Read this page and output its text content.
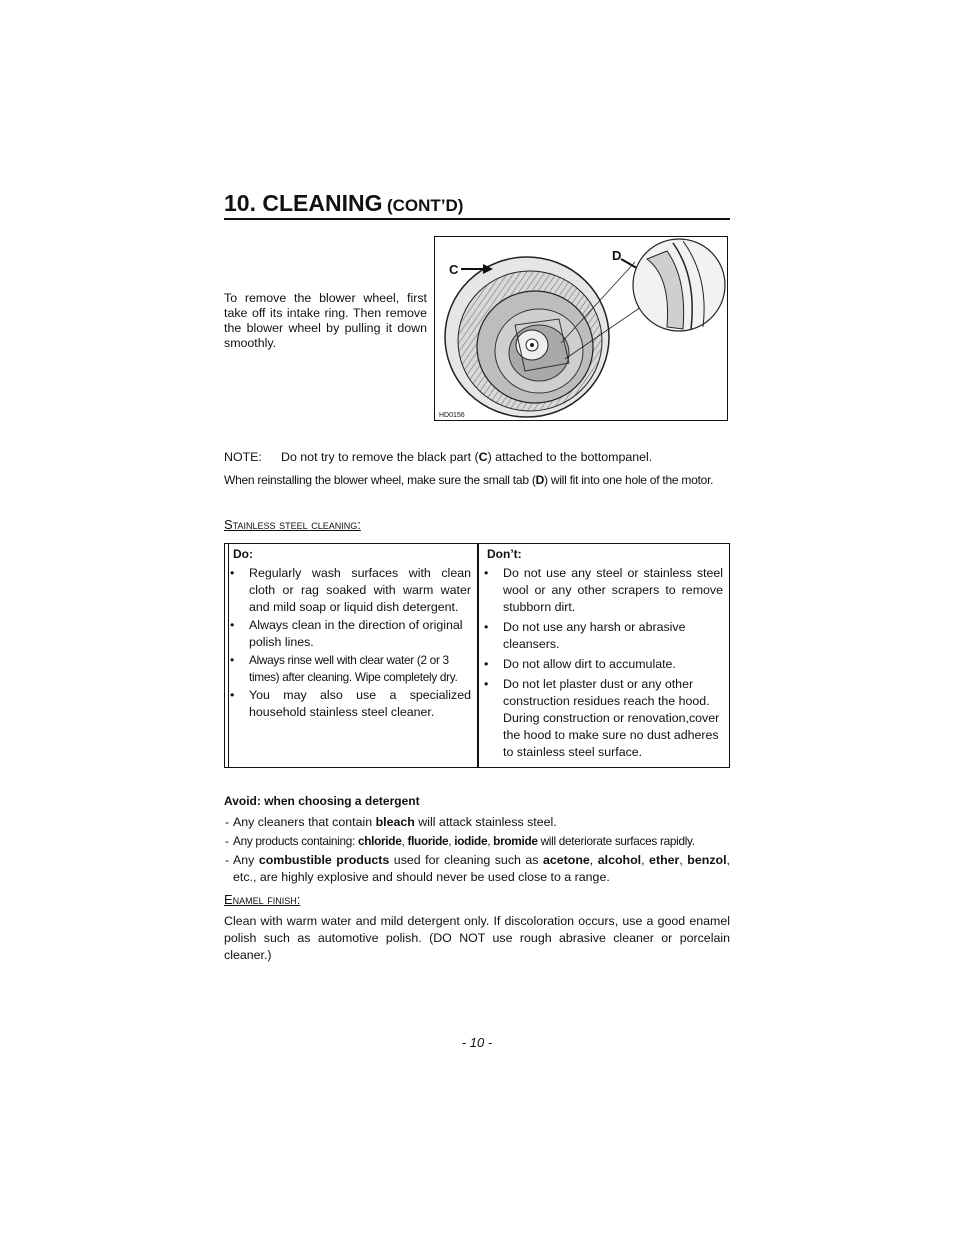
10. CLEANING (CONT’D)
To remove the blower wheel, first take off its intake ring. Then remove the blower wheel by pulling it down smoothly.
C
D
HD0156
NOTE: Do not try to remove the black part (C) attached to the bottompanel.
When reinstalling the blower wheel, make sure the small tab (D) will fit into one hole of the motor.
Stainless steel cleaning:
Do:
• Regularly wash surfaces with clean cloth or rag soaked with warm water and mild soap or liquid dish detergent.
• Always clean in the direction of original polish lines.
• Always rinse well with clear water (2 or 3 times) after cleaning. Wipe completely dry.
• You may also use a specialized household stainless steel cleaner.
Don’t:
• Do not use any steel or stainless steel wool or any other scrapers to remove stubborn dirt.
• Do not use any harsh or abrasive cleansers.
• Do not allow dirt to accumulate.
• Do not let plaster dust or any other construction residues reach the hood. During construction or renovation,cover the hood to make sure no dust adheres to stainless steel surface.
Avoid: when choosing a detergent
- Any cleaners that contain bleach will attack stainless steel.
- Any products containing: chloride, fluoride, iodide, bromide will deteriorate surfaces rapidly.
- Any combustible products used for cleaning such as acetone, alcohol, ether, benzol, etc., are highly explosive and should never be used close to a range.
Enamel finish:
Clean with warm water and mild detergent only. If discoloration occurs, use a good enamel polish such as automotive polish. (DO NOT use rough abrasive cleaner or porcelain cleaner.)
- 10 -
